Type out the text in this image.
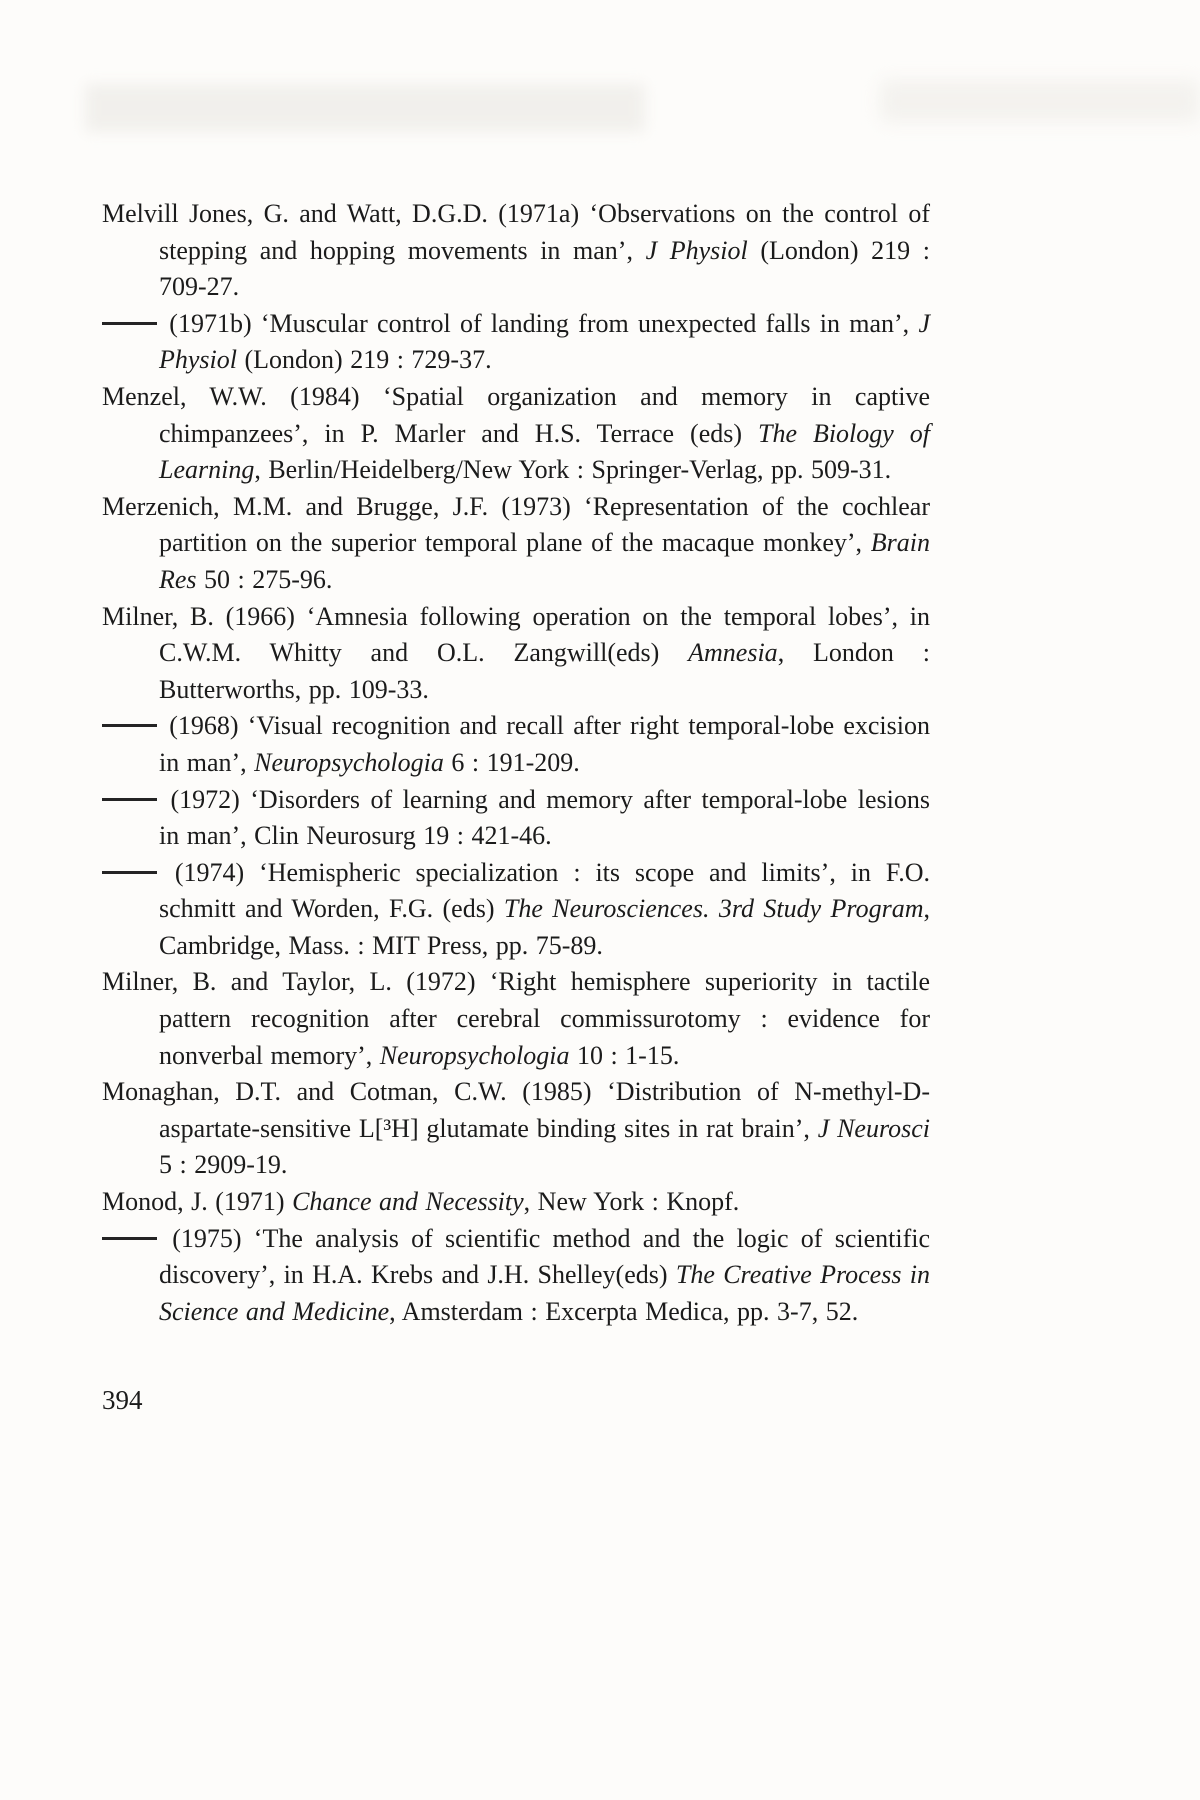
Melvill Jones, G. and Watt, D.G.D. (1971a) ‘Observations on the control of stepping and hopping movements in man’, J Physiol (London) 219 : 709-27.

(1971b) ‘Muscular control of landing from unexpected falls in man’, J Physiol (London) 219 : 729-37.

Menzel, W.W. (1984) ‘Spatial organization and memory in captive chimpanzees’, in P. Marler and H.S. Terrace (eds) The Biology of Learning, Berlin/Heidelberg/New York : Springer-Verlag, pp. 509-31.

Merzenich, M.M. and Brugge, J.F. (1973) ‘Representation of the cochlear partition on the superior temporal plane of the macaque monkey’, Brain Res 50 : 275-96.

Milner, B. (1966) ‘Amnesia following operation on the temporal lobes’, in C.W.M. Whitty and O.L. Zangwill(eds) Amnesia, London : Butterworths, pp. 109-33.

(1968) ‘Visual recognition and recall after right temporal-lobe excision in man’, Neuropsychologia 6 : 191-209.

(1972) ‘Disorders of learning and memory after temporal-lobe lesions in man’, Clin Neurosurg 19 : 421-46.

(1974) ‘Hemispheric specialization : its scope and limits’, in F.O. schmitt and Worden, F.G. (eds) The Neurosciences. 3rd Study Program, Cambridge, Mass. : MIT Press, pp. 75-89.

Milner, B. and Taylor, L. (1972) ‘Right hemisphere superiority in tactile pattern recognition after cerebral commissurotomy : evidence for nonverbal memory’, Neuropsychologia 10 : 1-15.

Monaghan, D.T. and Cotman, C.W. (1985) ‘Distribution of N-methyl-D-aspartate-sensitive L[³H] glutamate binding sites in rat brain’, J Neurosci 5 : 2909-19.

Monod, J. (1971) Chance and Necessity, New York : Knopf.

(1975) ‘The analysis of scientific method and the logic of scientific discovery’, in H.A. Krebs and J.H. Shelley(eds) The Creative Process in Science and Medicine, Amsterdam : Excerpta Medica, pp. 3-7, 52.

394
